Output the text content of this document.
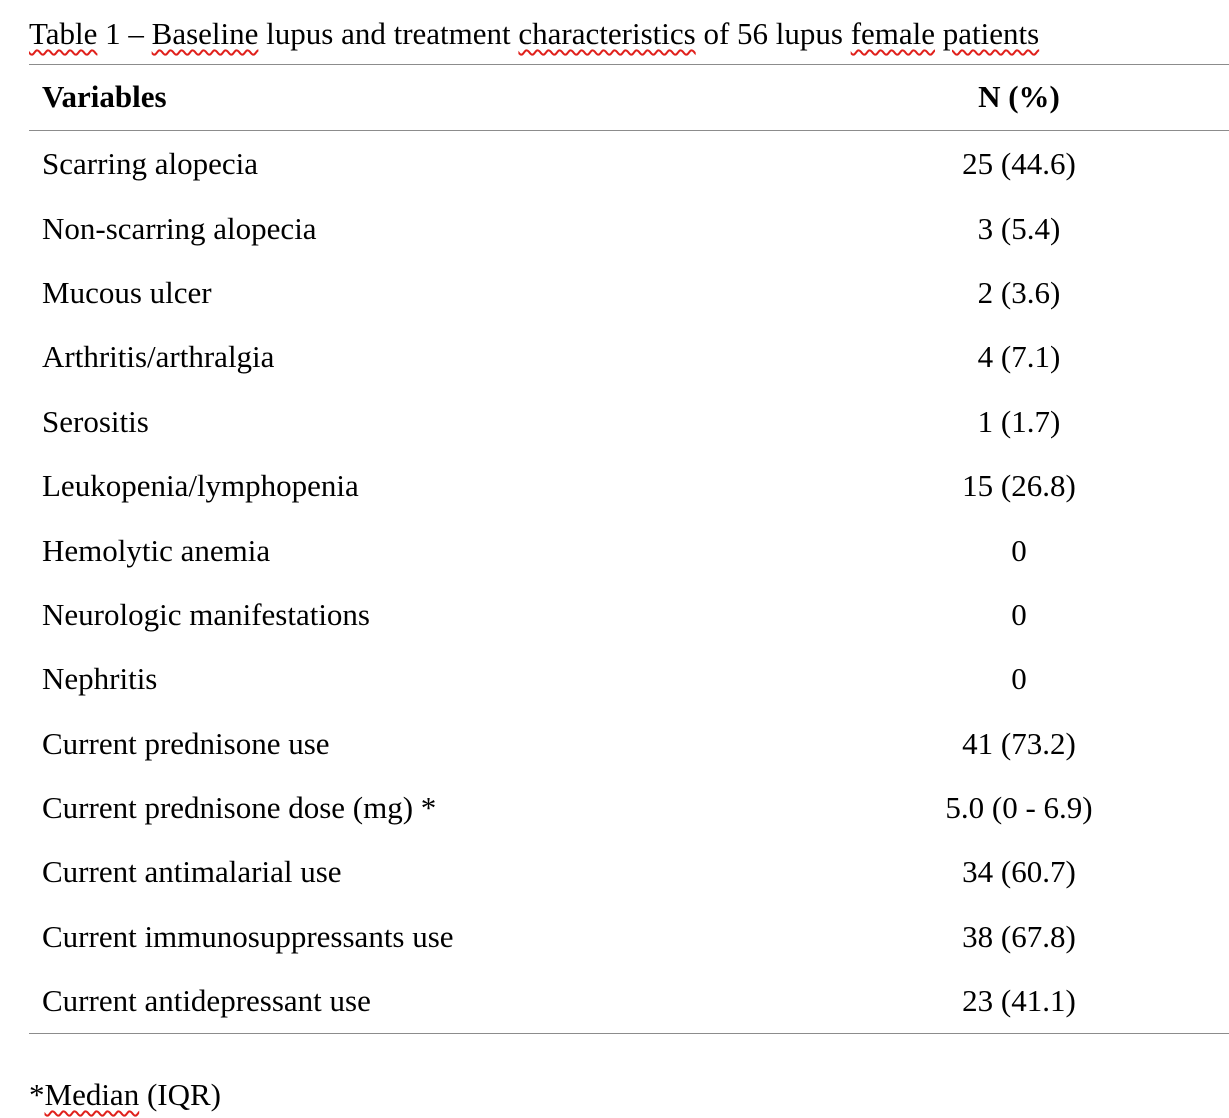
Table 1 – Baseline lupus and treatment characteristics of 56 lupus female patients
Variables	N (%)
Scarring alopecia	25 (44.6)
Non-scarring alopecia	3 (5.4)
Mucous ulcer	2 (3.6)
Arthritis/arthralgia	4 (7.1)
Serositis	1 (1.7)
Leukopenia/lymphopenia	15 (26.8)
Hemolytic anemia	0
Neurologic manifestations	0
Nephritis	0
Current prednisone use	41 (73.2)
Current prednisone dose (mg) *	5.0 (0 - 6.9)
Current antimalarial use	34 (60.7)
Current immunosuppressants use	38 (67.8)
Current antidepressant use	23 (41.1)
*Median (IQR)
